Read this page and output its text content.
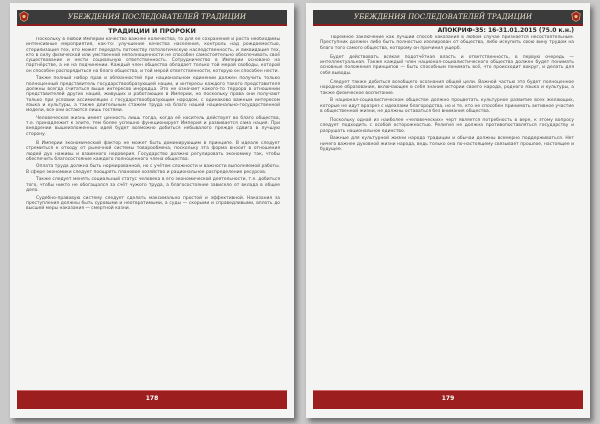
УБЕЖДЕНИЯ ПОСЛЕДОВАТЕЛЕЙ ТРАДИЦИИ
ТРАДИЦИИ И ПРОРОКИ

Поскольку в любой Империи качество важнее количества, то для её сохранения и роста необходимы интенсивные мероприятия, как-то: улучшение качества населения, контроль над рождаемостью, стерилизация тех, кто может передать потомству патологическую наследственность, и ликвидация тех, кто в силу физической или умственной неполноценности не способен самостоятельно обеспечивать своё существование и нести социальную ответственность. Сотрудничество в Империи основано на партнёрстве, а не на подчинении. Каждый член общества обладает только той мерой свободы, которой он способен распорядиться на благо общества, и той мерой ответственности, которую он способен нести.

Также полный набор прав и обязанностей при национальном единении должен получить только полноценный представитель государствообразующей нации, и интересы каждого такого представителя должны всегда считаться выше интересов инородца. Это не означает какого-то террора в отношении представителей других наций, живущих и работающих в Империи, но поскольку права они получают только при условии ассимиляции с государствообразующим народом, с одинаково важным интересом языка и культуры, а также длительным стажем труда на благо нашей национально-государственной модели, все они остаются лишь гостями.

Человеческая жизнь имеет ценность лишь тогда, когда её носитель действует во благо общества, т.е. принадлежит к элите, тем более успешно функционирует Империя и развивается сама нация. При внедрении вышеизложенных идей будет возможно добиться небывалого прежде сдвига в лучшую сторону.

В Империи экономический фактор не может быть доминирующим в принципе. В идеале следует стремиться к отходу от рыночной системы товарообмена, поскольку эта форма вносит в отношения людей дух наживы и взаимного недоверия. Государство должно регулировать экономику так, чтобы обеспечить благосостояние каждого полноценного члена общества.

Оплата труда должна быть нормированной, но с учётом сложности и важности выполняемой работы. В сфере экономики следует поощрять плановое хозяйство и рациональное распределение ресурсов.

Также следует менять социальный статус человека в его экономической деятельности, т.е. добиться того, чтобы никто не обогащался за счёт чужого труда, а благосостояние зависело от вклада в общее дело.

Судебно-правовую систему следует сделать максимально простой и эффективной. Наказания за преступления должны быть суровыми и неотвратимыми, а суды — скорыми и справедливыми, вплоть до высшей меры наказания — смертной казни.

178
УБЕЖДЕНИЯ ПОСЛЕДОВАТЕЛЕЙ ТРАДИЦИИ
АПОКРИФ-35: 16-31.01.2015 (75.0 к.н.)

Тюремное заключение как лучший способ наказания в любом случае признаётся несостоятельным. Преступник должен либо быть полностью изолирован от общества, либо искупить свою вину трудом на благо того самого общества, которому он причинил ущерб.

Будет действовать всякая подотчётная власть и ответственность, в первую очередь — интеллектуальная. Также каждый член национал-социалистического общества должен будет понимать основные положения принципов — быть способным понимать всё, что происходит вокруг, и делать для себя выводы.

Следует также добиться всеобщего осознания общей цели. Важной частью это будет полноценное народное образование, включающее в себя знания истории своего народа, родного языка и культуры, а также физическое воспитание.

В национал-социалистическом обществе должно процветать культурное развитие всех желающих, которые не идут вразрез с идеалами благородства, но и те, кто не способен принимать активное участие в общественной жизни, не должны оставаться без внимания общества.

Поскольку одной из наиболее «человеческих» черт является потребность в вере, к этому вопросу следует подходить с особой осторожностью. Религия не должна противопоставляться государству и разрушать национальное единство.

Важные для культурной жизни народа традиции и обычаи должны всемерно поддерживаться. Нет ничего важнее духовной жизни народа, ведь только она по-настоящему связывает прошлое, настоящее и будущее.

179
